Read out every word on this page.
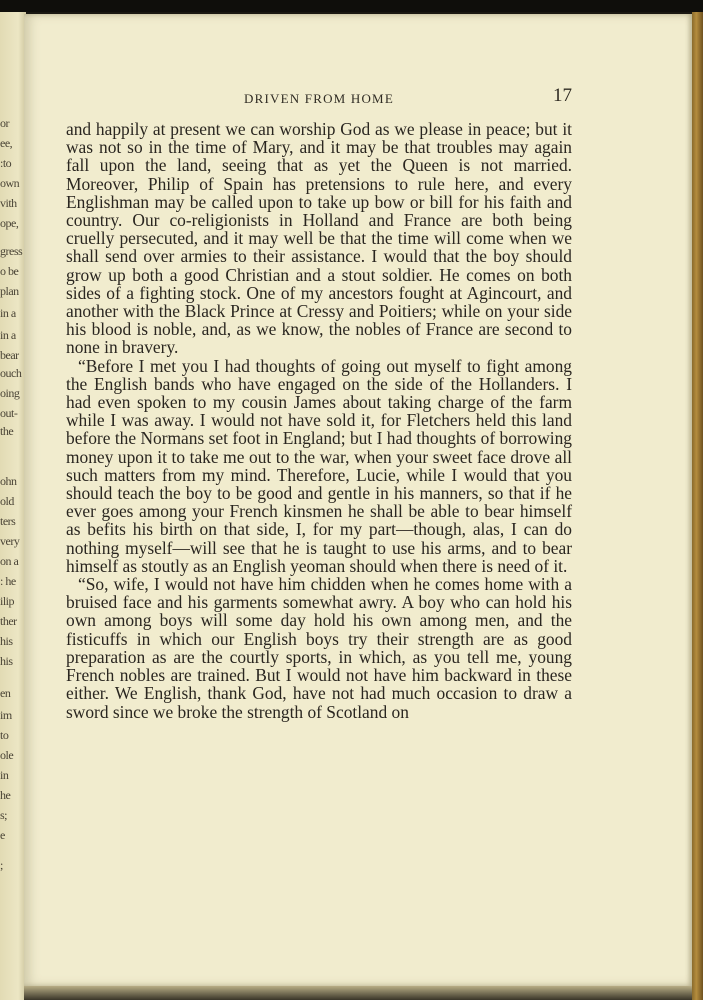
or
ee,
:to
own
vith
ope,
gress
o be
plan
in a
in a
bear
ouch
oing
out-
the
ohn
old
ters
very
on a
: he
ilip
ther
his
his
en
im
to
ole
in
he
s;
e
;
DRIVEN FROM HOME	17

and happily at present we can worship God as we please in peace; but it was not so in the time of Mary, and it may be that troubles may again fall upon the land, seeing that as yet the Queen is not married. Moreover, Philip of Spain has pretensions to rule here, and every Englishman may be called upon to take up bow or bill for his faith and country. Our co-religionists in Holland and France are both being cruelly persecuted, and it may well be that the time will come when we shall send over armies to their assistance. I would that the boy should grow up both a good Christian and a stout soldier. He comes on both sides of a fighting stock. One of my ancestors fought at Agincourt, and another with the Black Prince at Cressy and Poitiers; while on your side his blood is noble, and, as we know, the nobles of France are second to none in bravery.

“Before I met you I had thoughts of going out myself to fight among the English bands who have engaged on the side of the Hollanders. I had even spoken to my cousin James about taking charge of the farm while I was away. I would not have sold it, for Fletchers held this land before the Normans set foot in England; but I had thoughts of borrowing money upon it to take me out to the war, when your sweet face drove all such matters from my mind. Therefore, Lucie, while I would that you should teach the boy to be good and gentle in his manners, so that if he ever goes among your French kinsmen he shall be able to bear himself as befits his birth on that side, I, for my part—though, alas, I can do nothing myself—will see that he is taught to use his arms, and to bear himself as stoutly as an English yeoman should when there is need of it.

“So, wife, I would not have him chidden when he comes home with a bruised face and his garments somewhat awry. A boy who can hold his own among boys will some day hold his own among men, and the fisticuffs in which our English boys try their strength are as good preparation as are the courtly sports, in which, as you tell me, young French nobles are trained. But I would not have him backward in these either. We English, thank God, have not had much occasion to draw a sword since we broke the strength of Scotland on
